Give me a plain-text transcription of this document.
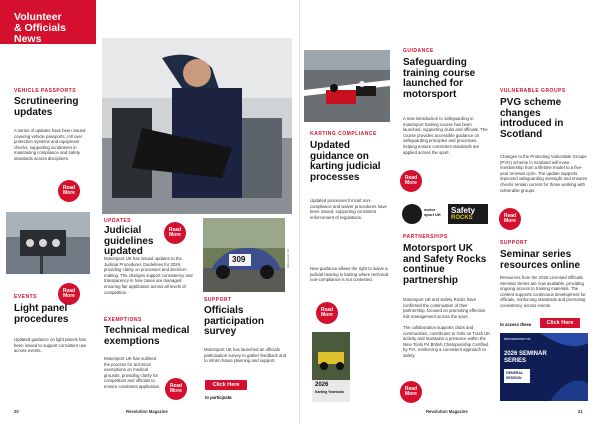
Volunteer
& Officials News
VEHICLE PASSPORTS
Scrutineering updates
A series of updates have been issued covering vehicle passports, roll over protection systems and equipment checks, supporting scrutineers in maintaining compliance and safety standards across disciplines.
Read More
UPDATES
Judicial guidelines updated
Motorsport UK has issued updates to the Judicial Procedures Guidelines for 2026, providing clarity on processes and decision-making. The changes support consistency and transparency in how cases are managed ensuring fair application across all levels of competition.
Read More
Read More
EVENTS
Light panel procedures
Updated guidance on light panels has been issued to support consistent use across events.
EXEMPTIONS
Technical medical exemptions
Motorsport UK has outlined the process for technical exemptions on medical grounds, providing clarity for competitors and officials to ensure consistent application.	Read More
309	Motorsport UK
SUPPORT
Officials participation survey
Motorsport UK has launched an officials participation survey to gather feedback and to inform future planning and support.
Click Here
to participate.
20	Revolution Magazine
KARTING COMPLIANCE
Updated guidance on karting judicial processes
Updated processes for kart non-compliance and waiver procedures have been issued, supporting consistent enforcement of regulations.
New guidance allows the right to waive a judicial hearing in karting where technical non-compliance is not contested.
Read More
2026
Karting Yearbook
GUIDANCE
Safeguarding training course launched for motorsport
A new introduction to safeguarding in motorsport training course has been launched, supporting clubs and officials. The course provides accessible guidance on safeguarding principles and processes, helping ensure consistent standards are applied across the sport.
Read More
motor sport UK	Safety
ROCKS
PARTNERSHIPS
Motorsport UK and Safety Rocks continue partnership
Motorsport UK and Safety Rocks have confirmed the continuation of their partnership, focused on promoting effective risk management across the sport.
The collaboration supports clubs and communities, contributes to Girls on Track UK activity and maintains a presence within the Nine Tools P4 British Championship Certified by FIA, reinforcing a consistent approach to safety.
Read More
VULNERABLE GROUPS
PVG scheme changes introduced in Scotland
Changes to the Protecting Vulnerable Groups (PVG) scheme in Scotland will move membership from a lifetime model to a five-year renewal cycle. The update supports improved safeguarding oversight and ensures checks remain current for those working with vulnerable groups.
Read More
SUPPORT
Seminar series resources online
Resources from the 2026 Licensed Officials Seminar Series are now available, providing ongoing access to training materials. The content supports continuous development for officials, reinforcing standards and promoting consistency across events.
to access these	Click Here
MOTORSPORT UK
2026 SEMINAR SERIES
GENERAL
SESSION
Revolution Magazine	21
